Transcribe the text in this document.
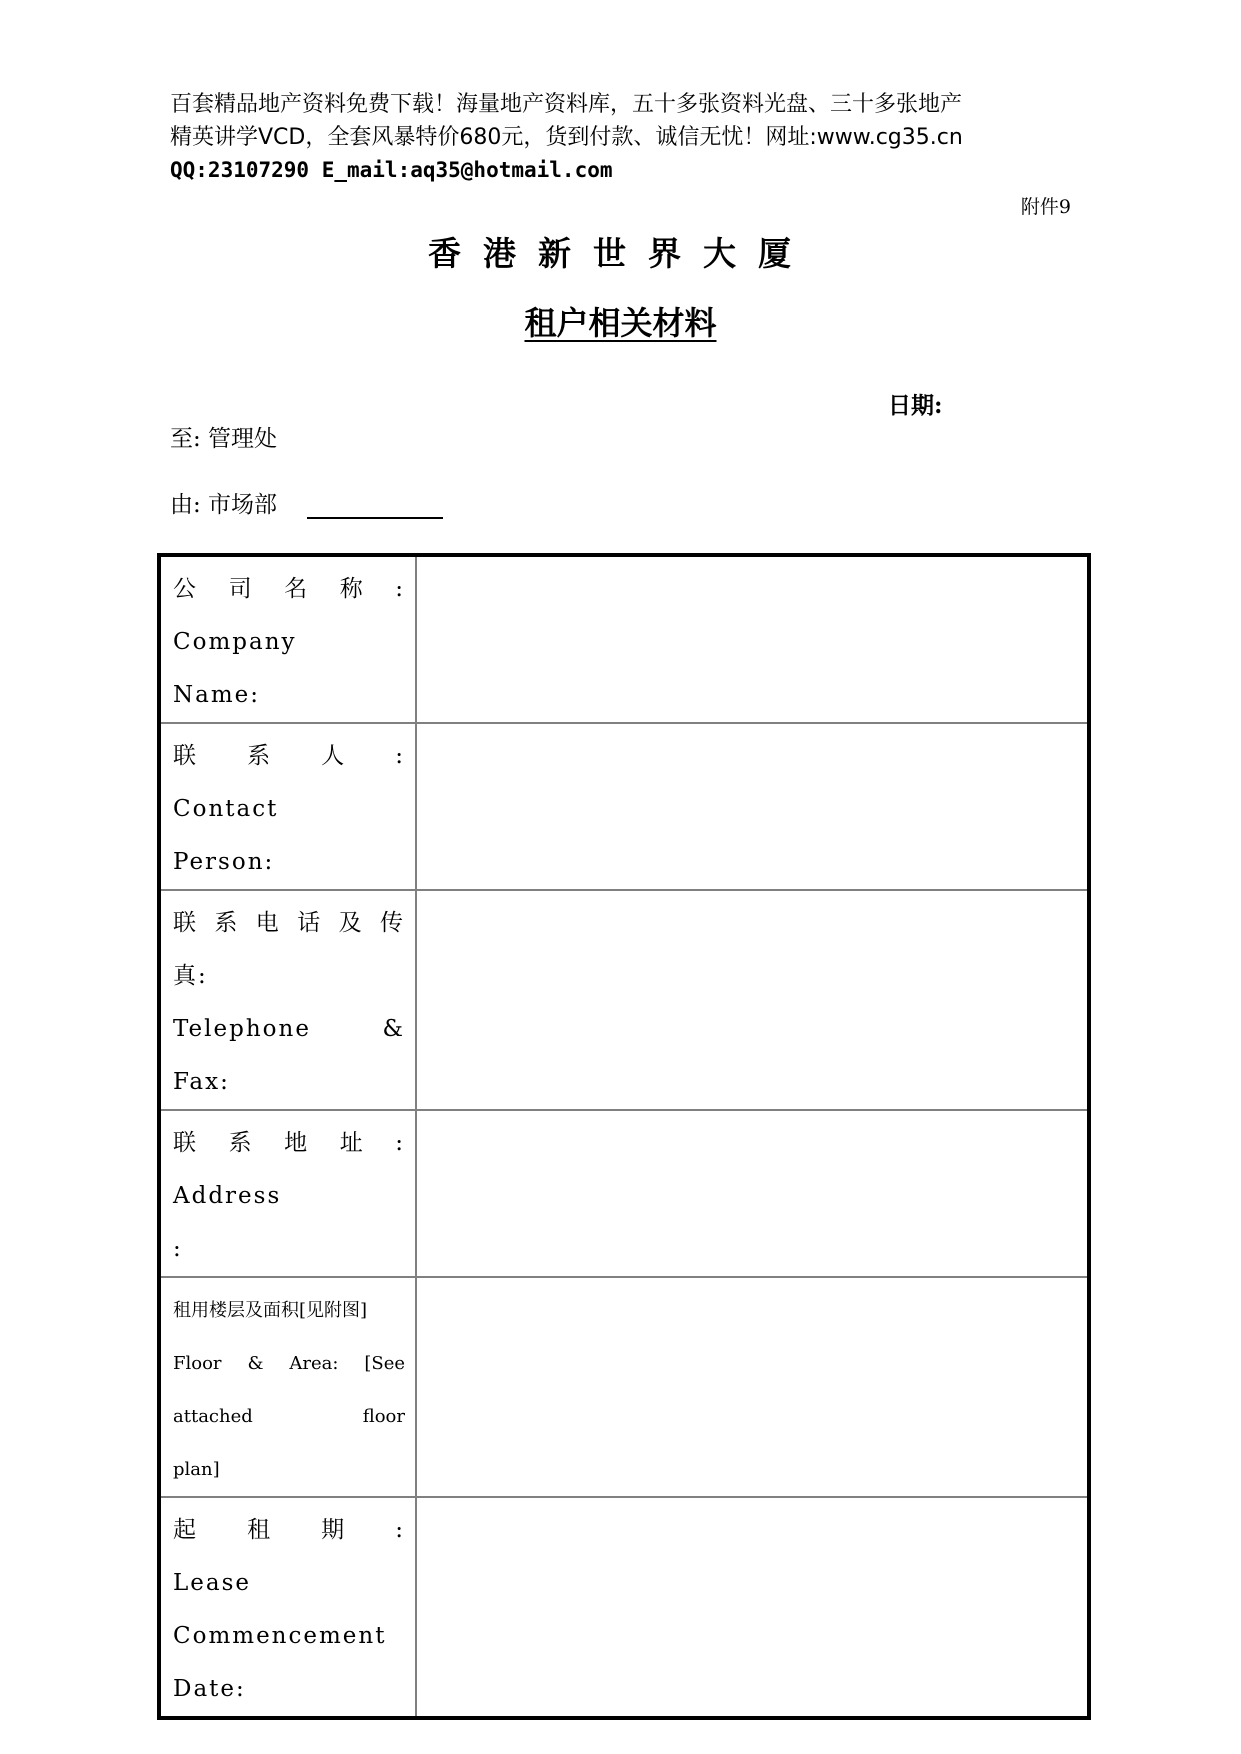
百套精品地产资料免费下载！海量地产资料库，五十多张资料光盘、三十多张地产
精英讲学VCD，全套风暴特价680元，货到付款、诚信无忧！网址:www.cg35.cn
QQ:23107290 E_mail:aq35@hotmail.com
附件9
香港新世界大厦
租户相关材料
日期:
至: 管理处
由: 市场部
公司名称:
Company
Name:	

联系人:
Contact
Person:	

联系电话及传
真:
Telephone &
Fax:	

联系地址:
Address
:	

租用楼层及面积[见附图]
Floor & Area: [See attached floor
plan]	

起租期:
Lease Commencement
Date:	
